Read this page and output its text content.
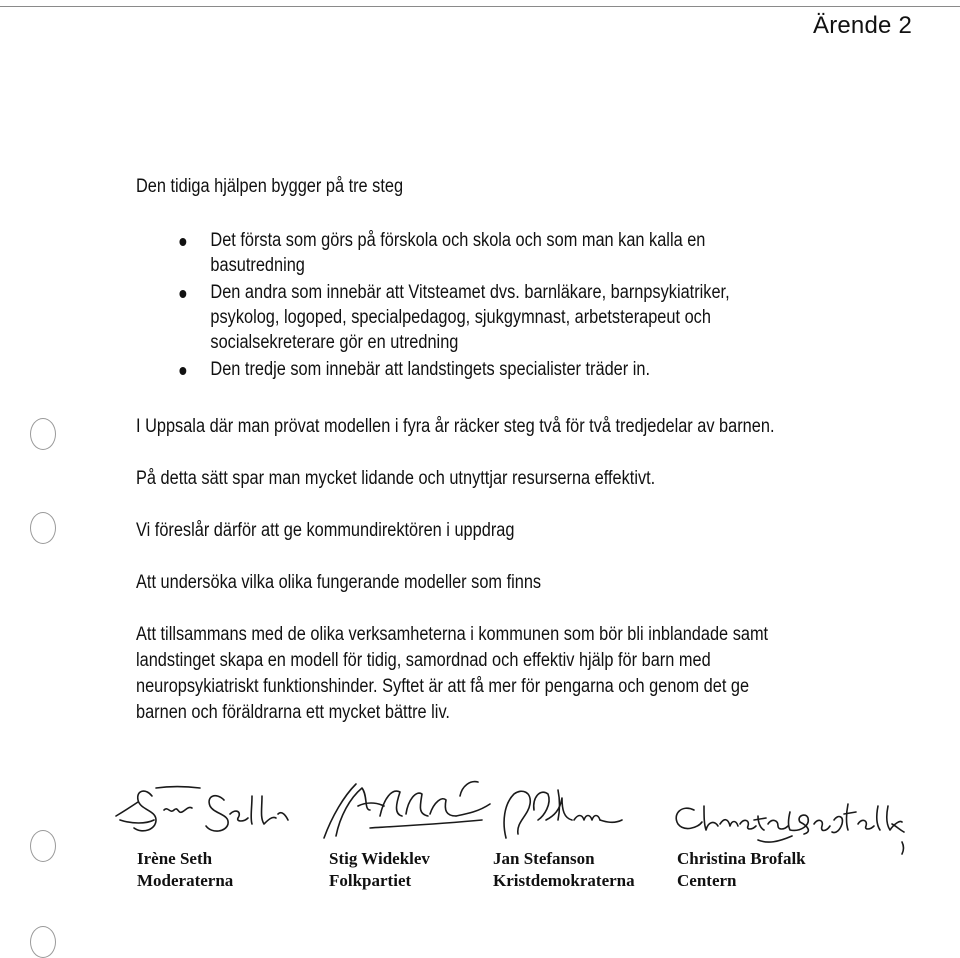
Ärende 2
Den tidiga hjälpen bygger på tre steg
Det första som görs på förskola och skola och som man kan kalla en
basutredning
Den andra som innebär att Vitsteamet dvs. barnläkare, barnpsykiatriker,
psykolog, logoped, specialpedagog, sjukgymnast, arbetsterapeut och
socialsekreterare gör en utredning
Den tredje som innebär att landstingets specialister träder in.
I Uppsala där man prövat modellen i fyra år räcker steg två för två tredjedelar av barnen.
På detta sätt spar man mycket lidande och utnyttjar resurserna effektivt.
Vi föreslår därför att ge kommundirektören i uppdrag
Att undersöka vilka olika fungerande modeller som finns
Att tillsammans med de olika verksamheterna i kommunen som bör bli inblandade samt
landstinget skapa en modell för tidig, samordnad och effektiv hjälp för barn med
neuropsykiatriskt funktionshinder. Syftet är att få mer för pengarna och genom det ge
barnen och föräldrarna ett mycket bättre liv.
Irène Seth
Moderaterna
Stig Wideklev
Folkpartiet
Jan Stefanson
Kristdemokraterna
Christina Brofalk
Centern
